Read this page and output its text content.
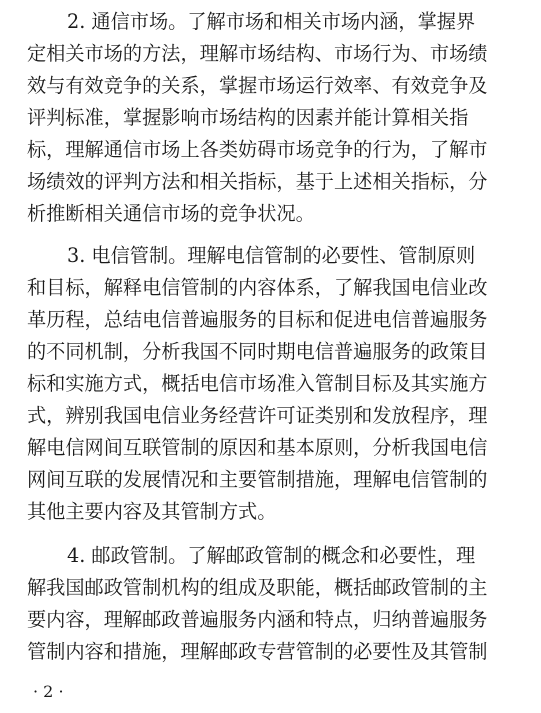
2. 通信市场。了解市场和相关市场内涵，掌握界
定相关市场的方法，理解市场结构、市场行为、市场绩
效与有效竞争的关系，掌握市场运行效率、有效竞争及
评判标准，掌握影响市场结构的因素并能计算相关指
标，理解通信市场上各类妨碍市场竞争的行为，了解市
场绩效的评判方法和相关指标，基于上述相关指标，分
析推断相关通信市场的竞争状况。
3. 电信管制。理解电信管制的必要性、管制原则
和目标，解释电信管制的内容体系，了解我国电信业改
革历程，总结电信普遍服务的目标和促进电信普遍服务
的不同机制，分析我国不同时期电信普遍服务的政策目
标和实施方式，概括电信市场准入管制目标及其实施方
式，辨别我国电信业务经营许可证类别和发放程序，理
解电信网间互联管制的原因和基本原则，分析我国电信
网间互联的发展情况和主要管制措施，理解电信管制的
其他主要内容及其管制方式。
4. 邮政管制。了解邮政管制的概念和必要性，理
解我国邮政管制机构的组成及职能，概括邮政管制的主
要内容，理解邮政普遍服务内涵和特点，归纳普遍服务
管制内容和措施，理解邮政专营管制的必要性及其管制
· 2 ·
